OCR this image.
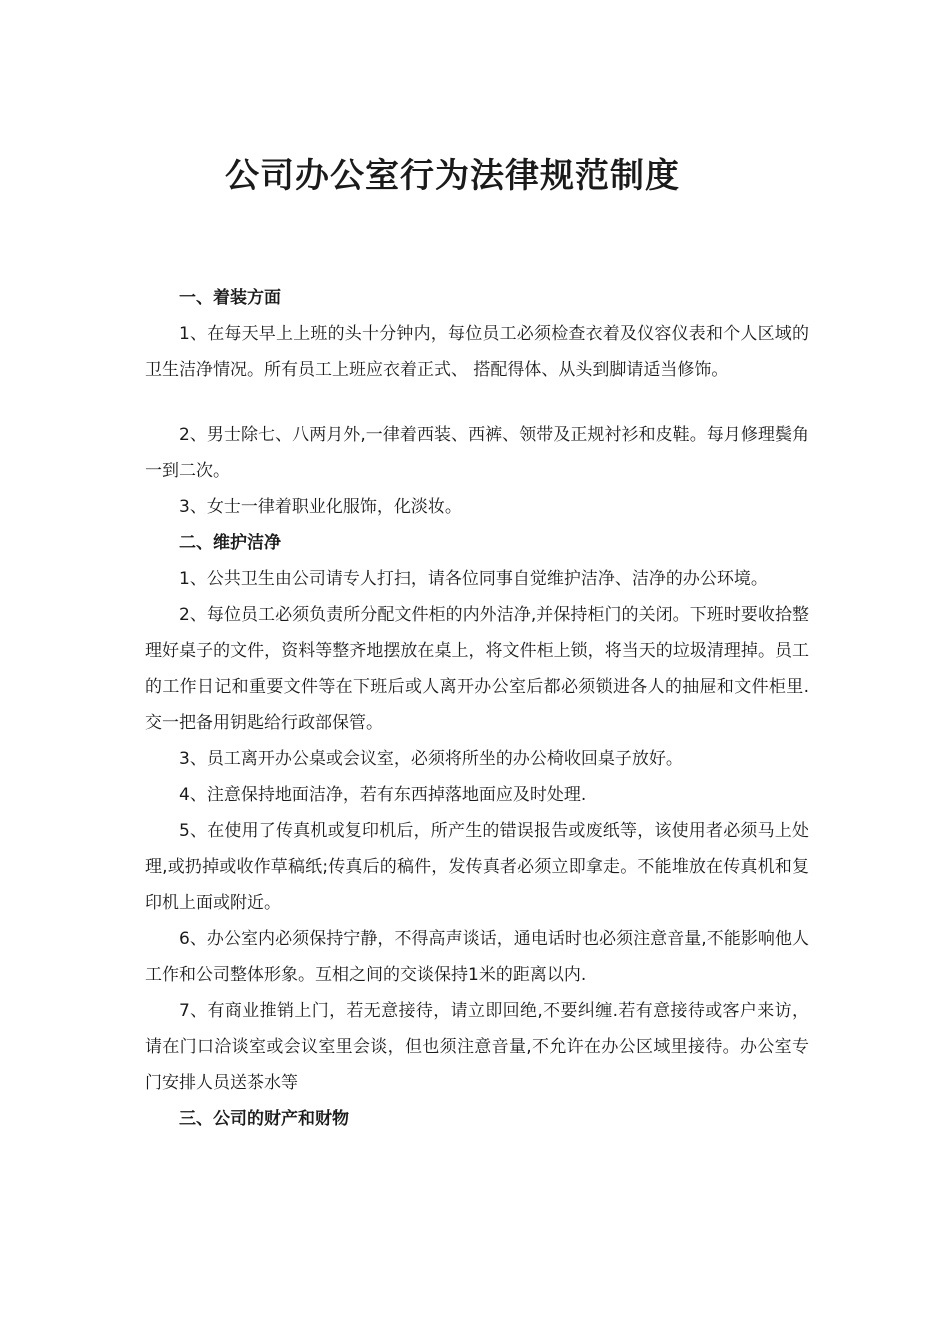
公司办公室行为法律规范制度

一、着装方面

1、在每天早上上班的头十分钟内，每位员工必须检查衣着及仪容仪表和个人区域的卫生洁净情况。所有员工上班应衣着正式、 搭配得体、从头到脚请适当修饰。

2、男士除七、八两月外,一律着西装、西裤、领带及正规衬衫和皮鞋。每月修理鬓角一到二次。

3、女士一律着职业化服饰，化淡妆。

二、维护洁净

1、公共卫生由公司请专人打扫，请各位同事自觉维护洁净、洁净的办公环境。

2、每位员工必须负责所分配文件柜的内外洁净,并保持柜门的关闭。下班时要收拾整理好桌子的文件，资料等整齐地摆放在桌上，将文件柜上锁，将当天的垃圾清理掉。员工的工作日记和重要文件等在下班后或人离开办公室后都必须锁进各人的抽屉和文件柜里.交一把备用钥匙给行政部保管。

3、员工离开办公桌或会议室，必须将所坐的办公椅收回桌子放好。

4、注意保持地面洁净，若有东西掉落地面应及时处理.

5、在使用了传真机或复印机后，所产生的错误报告或废纸等，该使用者必须马上处理,或扔掉或收作草稿纸;传真后的稿件，发传真者必须立即拿走。不能堆放在传真机和复印机上面或附近。

6、办公室内必须保持宁静，不得高声谈话，通电话时也必须注意音量,不能影响他人工作和公司整体形象。互相之间的交谈保持1米的距离以内.

7、有商业推销上门，若无意接待，请立即回绝,不要纠缠.若有意接待或客户来访，请在门口洽谈室或会议室里会谈，但也须注意音量,不允许在办公区域里接待。办公室专门安排人员送茶水等

三、公司的财产和财物
